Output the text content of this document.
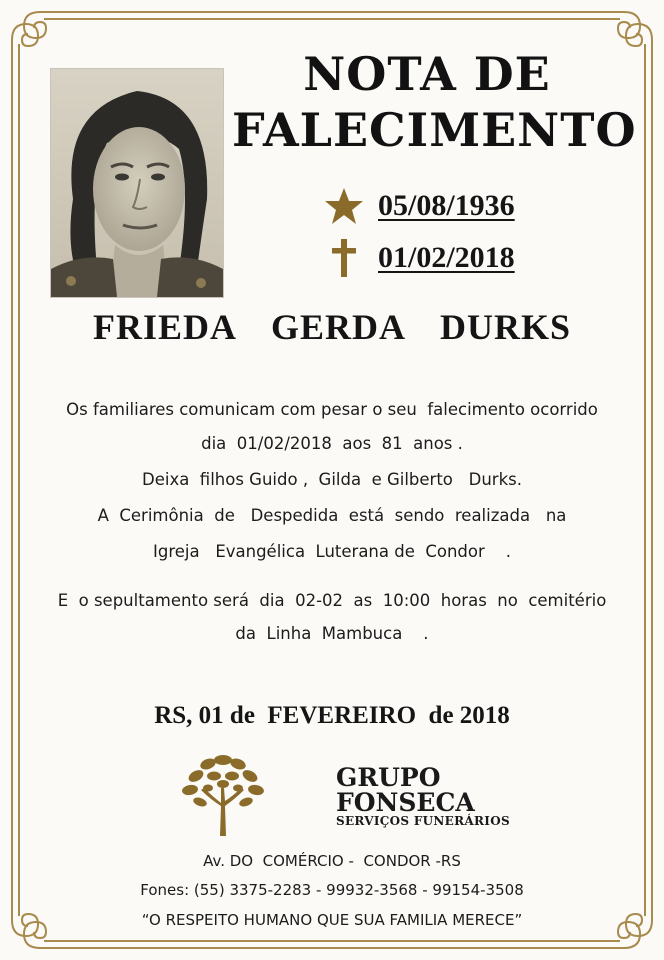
NOTA DE
FALECIMENTO
05/08/1936
01/02/2018
FRIEDA GERDA DURKS
Os familiares comunicam com pesar o seu  falecimento ocorrido
dia  01/02/2018  aos  81  anos .
Deixa  filhos Guido ,  Gilda  e Gilberto   Durks.
A  Cerimônia  de   Despedida  está  sendo  realizada   na
Igreja   Evangélica  Luterana de  Condor    .
E  o sepultamento será  dia  02-02  as  10:00  horas  no  cemitério
da  Linha  Mambuca    .
RS, 01 de  FEVEREIRO  de 2018
GRUPO
FONSECA
SERVIÇOS FUNERÁRIOS
Av. DO  COMÉRCIO -  CONDOR -RS
Fones: (55) 3375-2283 - 99932-3568 - 99154-3508
“O RESPEITO HUMANO QUE SUA FAMILIA MERECE”
